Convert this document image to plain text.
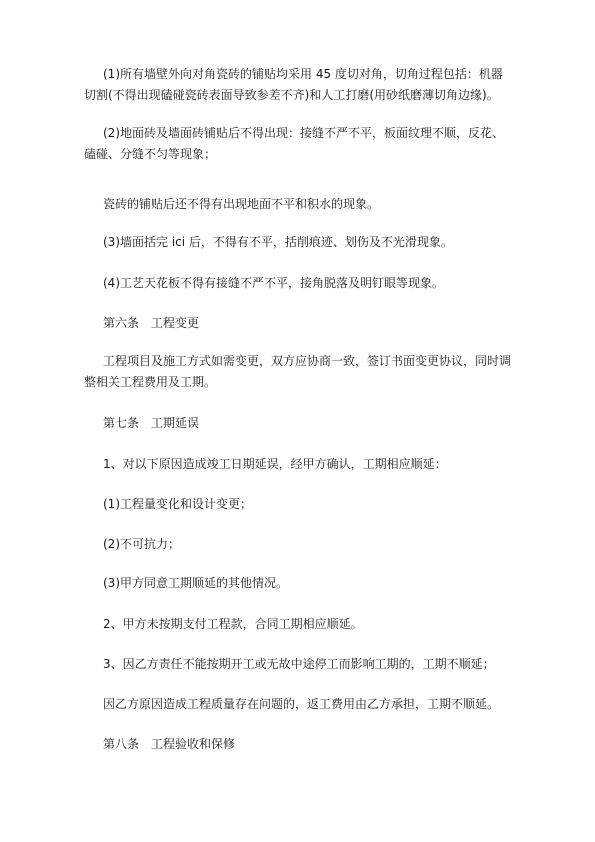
(1)所有墙壁外向对角瓷砖的铺贴均采用 45 度切对角，切角过程包括：机器切割(不得出现磕碰瓷砖表面导致参差不齐)和人工打磨(用砂纸磨薄切角边缘)。

(2)地面砖及墙面砖铺贴后不得出现：接缝不严不平，板面纹理不顺，反花、磕碰、分缝不匀等现象；

瓷砖的铺贴后还不得有出现地面不平和积水的现象。

(3)墙面括完 ici 后，不得有不平，括削痕迹、划伤及不光滑现象。

(4)工艺天花板不得有接缝不严不平，接角脱落及明钉眼等现象。

第六条　工程变更

工程项目及施工方式如需变更，双方应协商一致，签订书面变更协议，同时调整相关工程费用及工期。

第七条　工期延误

1、对以下原因造成竣工日期延误，经甲方确认，工期相应顺延：

(1)工程量变化和设计变更；

(2)不可抗力；

(3)甲方同意工期顺延的其他情况。

2、甲方未按期支付工程款，合同工期相应顺延。

3、因乙方责任不能按期开工或无故中途停工而影响工期的，工期不顺延；

因乙方原因造成工程质量存在问题的，返工费用由乙方承担，工期不顺延。

第八条　工程验收和保修
